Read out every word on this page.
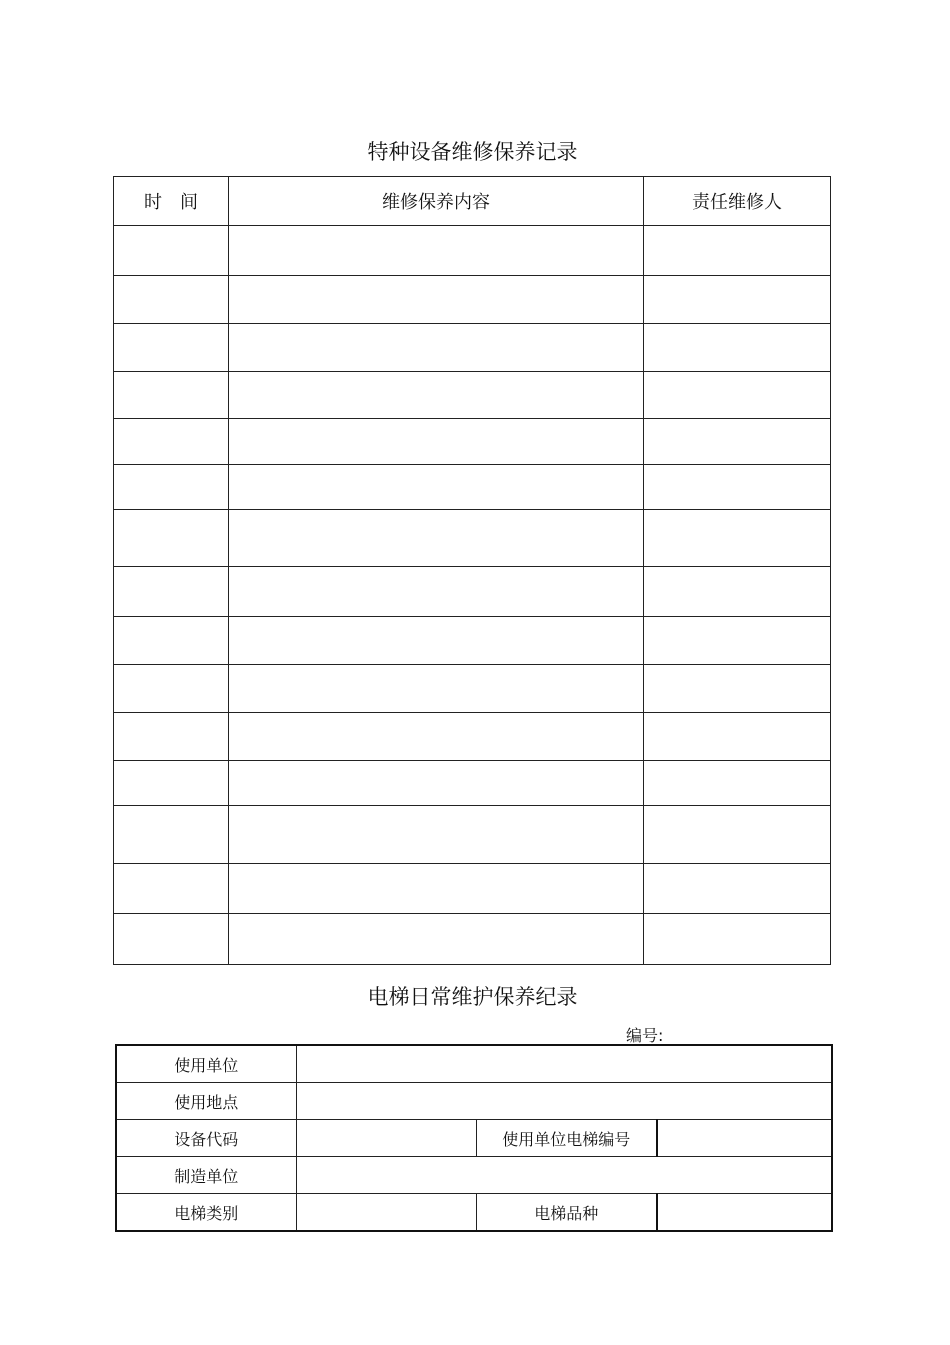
特种设备维修保养记录
时　间	维修保养内容	责任维修人

电梯日常维护保养纪录
编号:
使用单位			
使用地点			
设备代码		使用单位电梯编号	
制造单位			
电梯类别		电梯品种	
